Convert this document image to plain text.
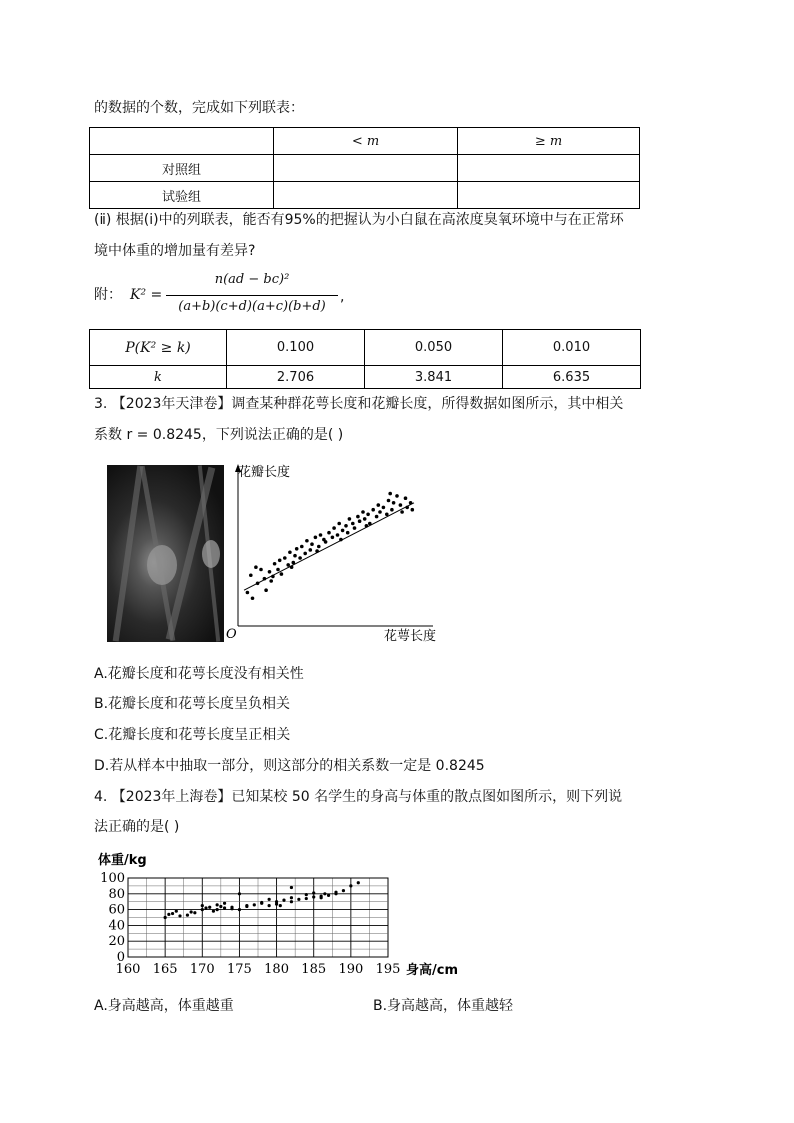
的数据的个数，完成如下列联表：
	< m	≥ m
对照组		
试验组		
(ⅱ) 根据(ⅰ)中的列联表，能否有95%的把握认为小白鼠在高浓度臭氧环境中与在正常环
境中体重的增加量有差异?
附： K² =
n(ad − bc)²
(a+b)(c+d)(a+c)(b+d)
,
P(K² ≥ k)	0.100	0.050	0.010
k	2.706	3.841	6.635
3. 【2023年天津卷】调查某种群花萼长度和花瓣长度，所得数据如图所示，其中相关
系数 r = 0.8245，下列说法正确的是( )
花瓣长度
花萼长度
O
A.花瓣长度和花萼长度没有相关性
B.花瓣长度和花萼长度呈负相关
C.花瓣长度和花萼长度呈正相关
D.若从样本中抽取一部分，则这部分的相关系数一定是 0.8245
4. 【2023年上海卷】已知某校 50 名学生的身高与体重的散点图如图所示，则下列说
法正确的是( )
160 165 170 175 180 185 190 195
0
20
40
60
80
100
体重/kg
身高/cm
A.身高越高，体重越重	B.身高越高，体重越轻
